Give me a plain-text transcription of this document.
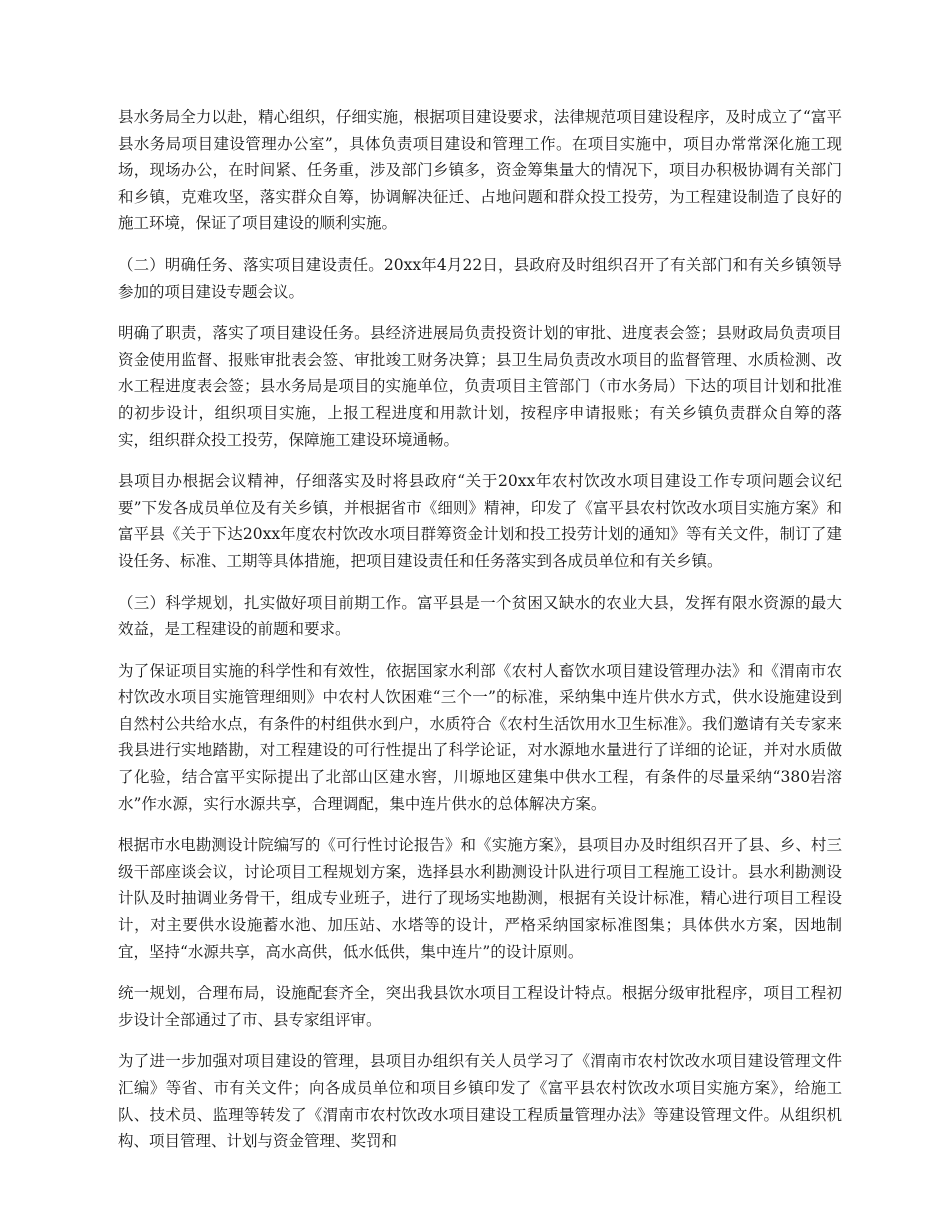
县水务局全力以赴，精心组织，仔细实施，根据项目建设要求，法律规范项目建设程序，及时成立了“富平县水务局项目建设管理办公室”，具体负责项目建设和管理工作。在项目实施中，项目办常常深化施工现场，现场办公，在时间紧、任务重，涉及部门乡镇多，资金筹集量大的情况下，项目办积极协调有关部门和乡镇，克难攻坚，落实群众自筹，协调解决征迁、占地问题和群众投工投劳，为工程建设制造了良好的施工环境，保证了项目建设的顺利实施。

（二）明确任务、落实项目建设责任。20xx年4月22日，县政府及时组织召开了有关部门和有关乡镇领导参加的项目建设专题会议。

明确了职责，落实了项目建设任务。县经济进展局负责投资计划的审批、进度表会签；县财政局负责项目资金使用监督、报账审批表会签、审批竣工财务决算；县卫生局负责改水项目的监督管理、水质检测、改水工程进度表会签；县水务局是项目的实施单位，负责项目主管部门（市水务局）下达的项目计划和批准的初步设计，组织项目实施，上报工程进度和用款计划，按程序申请报账；有关乡镇负责群众自筹的落实，组织群众投工投劳，保障施工建设环境通畅。

县项目办根据会议精神，仔细落实及时将县政府“关于20xx年农村饮改水项目建设工作专项问题会议纪要”下发各成员单位及有关乡镇，并根据省市《细则》精神，印发了《富平县农村饮改水项目实施方案》和富平县《关于下达20xx年度农村饮改水项目群筹资金计划和投工投劳计划的通知》等有关文件，制订了建设任务、标准、工期等具体措施，把项目建设责任和任务落实到各成员单位和有关乡镇。

（三）科学规划，扎实做好项目前期工作。富平县是一个贫困又缺水的农业大县，发挥有限水资源的最大效益，是工程建设的前题和要求。

为了保证项目实施的科学性和有效性，依据国家水利部《农村人畜饮水项目建设管理办法》和《渭南市农村饮改水项目实施管理细则》中农村人饮困难“三个一”的标准，采纳集中连片供水方式，供水设施建设到自然村公共给水点，有条件的村组供水到户，水质符合《农村生活饮用水卫生标准》。我们邀请有关专家来我县进行实地踏勘，对工程建设的可行性提出了科学论证，对水源地水量进行了详细的论证，并对水质做了化验，结合富平实际提出了北部山区建水窖，川塬地区建集中供水工程，有条件的尽量采纳“380岩溶水”作水源，实行水源共享，合理调配，集中连片供水的总体解决方案。

根据市水电勘测设计院编写的《可行性讨论报告》和《实施方案》，县项目办及时组织召开了县、乡、村三级干部座谈会议，讨论项目工程规划方案，选择县水利勘测设计队进行项目工程施工设计。县水利勘测设计队及时抽调业务骨干，组成专业班子，进行了现场实地勘测，根据有关设计标准，精心进行项目工程设计，对主要供水设施蓄水池、加压站、水塔等的设计，严格采纳国家标准图集；具体供水方案，因地制宜，坚持“水源共享，高水高供，低水低供，集中连片”的设计原则。

统一规划，合理布局，设施配套齐全，突出我县饮水项目工程设计特点。根据分级审批程序，项目工程初步设计全部通过了市、县专家组评审。

为了进一步加强对项目建设的管理，县项目办组织有关人员学习了《渭南市农村饮改水项目建设管理文件汇编》等省、市有关文件；向各成员单位和项目乡镇印发了《富平县农村饮改水项目实施方案》，给施工队、技术员、监理等转发了《渭南市农村饮改水项目建设工程质量管理办法》等建设管理文件。从组织机构、项目管理、计划与资金管理、奖罚和
